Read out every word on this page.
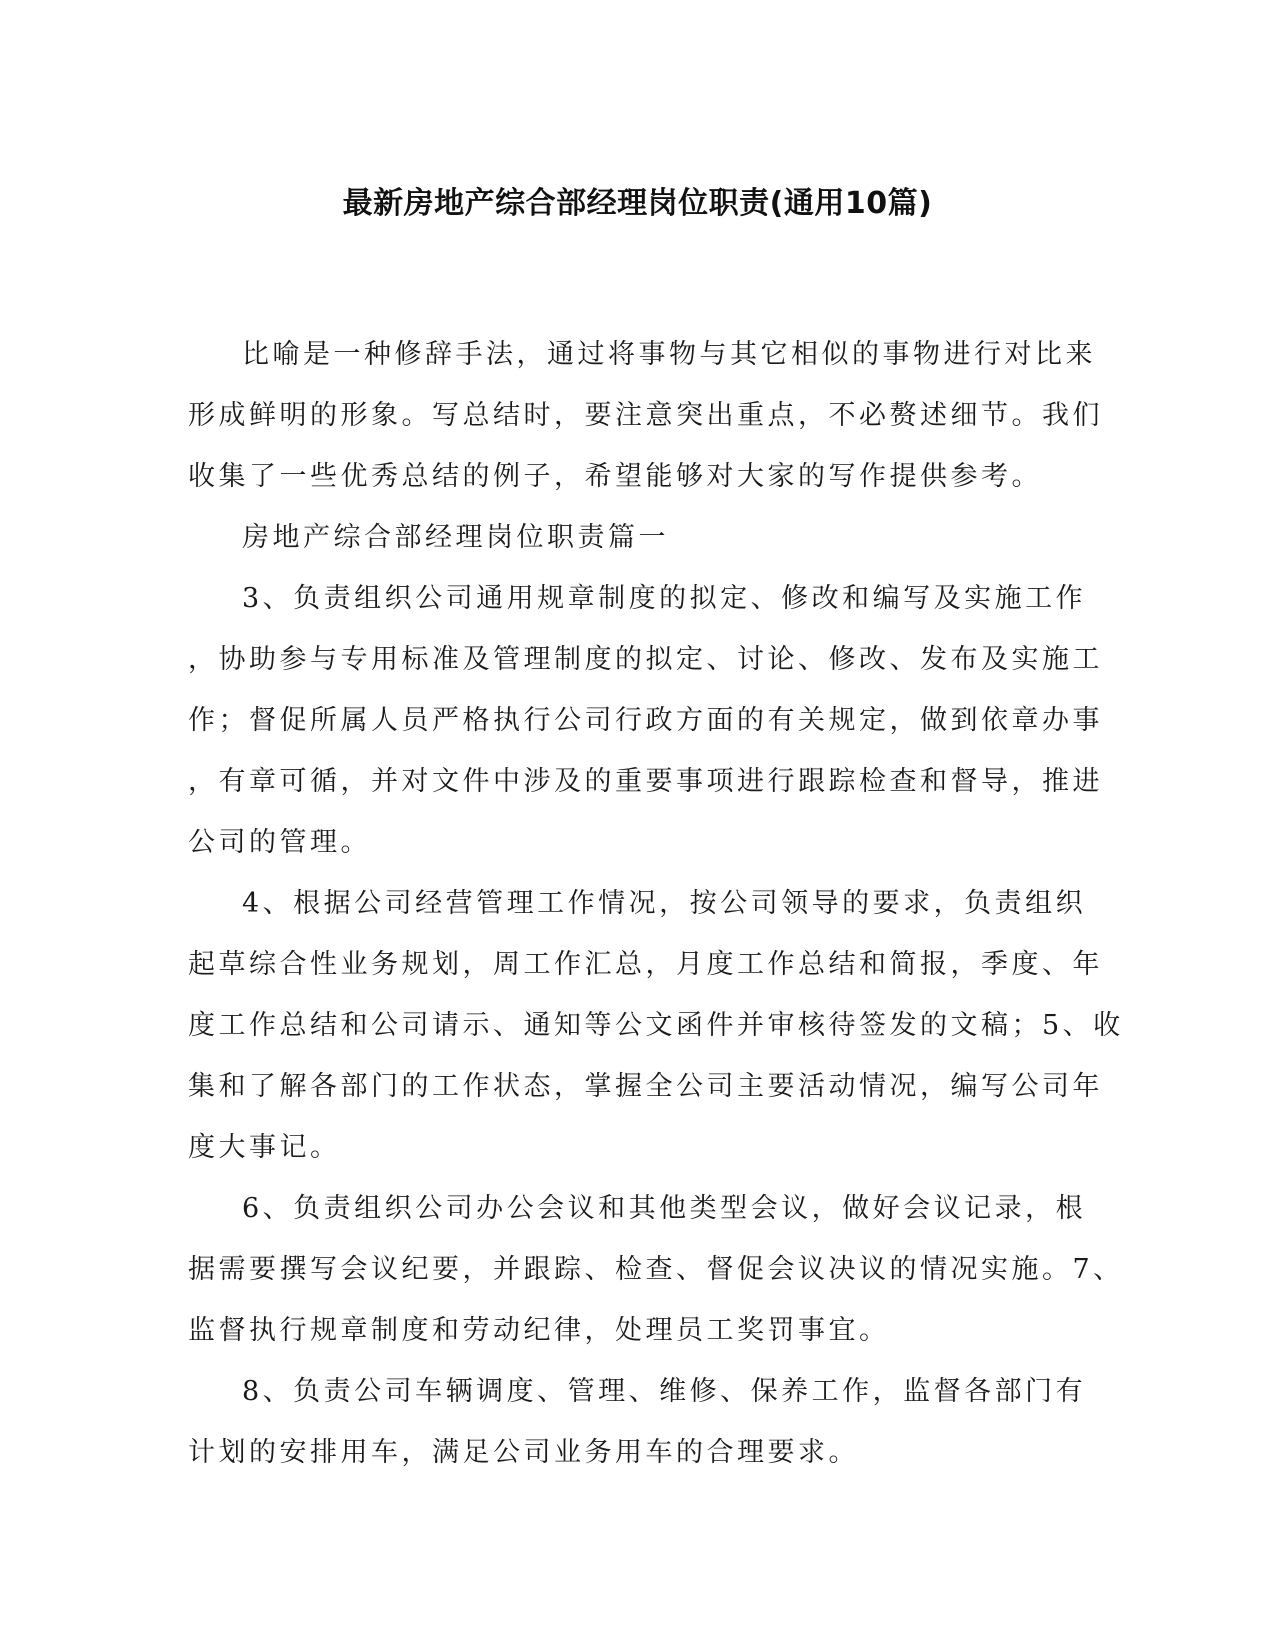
最新房地产综合部经理岗位职责(通用10篇)

比喻是一种修辞手法，通过将事物与其它相似的事物进行对比来
形成鲜明的形象。写总结时，要注意突出重点，不必赘述细节。我们
收集了一些优秀总结的例子，希望能够对大家的写作提供参考。

房地产综合部经理岗位职责篇一

3、负责组织公司通用规章制度的拟定、修改和编写及实施工作
，协助参与专用标准及管理制度的拟定、讨论、修改、发布及实施工
作；督促所属人员严格执行公司行政方面的有关规定，做到依章办事
，有章可循，并对文件中涉及的重要事项进行跟踪检查和督导，推进
公司的管理。

4、根据公司经营管理工作情况，按公司领导的要求，负责组织
起草综合性业务规划，周工作汇总，月度工作总结和简报，季度、年
度工作总结和公司请示、通知等公文函件并审核待签发的文稿；5、收
集和了解各部门的工作状态，掌握全公司主要活动情况，编写公司年
度大事记。

6、负责组织公司办公会议和其他类型会议，做好会议记录，根
据需要撰写会议纪要，并跟踪、检查、督促会议决议的情况实施。7、
监督执行规章制度和劳动纪律，处理员工奖罚事宜。

8、负责公司车辆调度、管理、维修、保养工作，监督各部门有
计划的安排用车，满足公司业务用车的合理要求。
